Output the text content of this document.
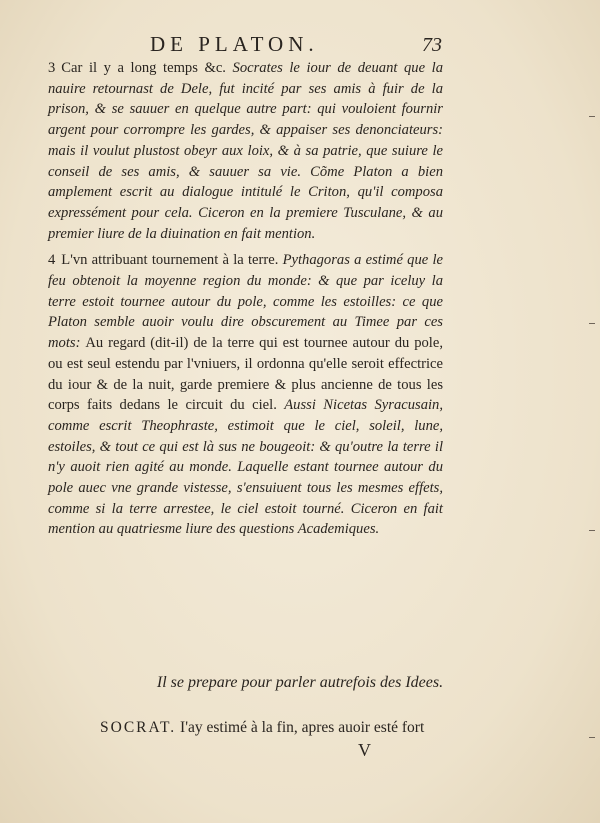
DE PLATON.	73

3 Car il y a long temps &c. Socrates le iour de deuant que la nauire retournast de Dele, fut incité par ses amis à fuir de la prison, & se sauuer en quelque autre part: qui vouloient fournir argent pour corrompre les gardes, & appaiser ses denonciateurs: mais il voulut plustost obeyr aux loix, & à sa patrie, que suiure le conseil de ses amis, & sauuer sa vie. Cõme Platon a bien amplement escrit au dialogue intitulé le Criton, qu'il composa expressément pour cela. Ciceron en la premiere Tusculane, & au premier liure de la diuination en fait mention.

4 L'vn attribuant tournement à la terre. Pythagoras a estimé que le feu obtenoit la moyenne region du monde: & que par iceluy la terre estoit tournee autour du pole, comme les estoilles: ce que Platon semble auoir voulu dire obscurement au Timee par ces mots: Au regard (dit-il) de la terre qui est tournee autour du pole, ou est seul estendu par l'vniuers, il ordonna qu'elle seroit effectrice du iour & de la nuit, garde premiere & plus ancienne de tous les corps faits dedans le circuit du ciel. Aussi Nicetas Syracusain, comme escrit Theophraste, estimoit que le ciel, soleil, lune, estoiles, & tout ce qui est là sus ne bougeoit: & qu'outre la terre il n'y auoit rien agité au monde. Laquelle estant tournee autour du pole auec vne grande vistesse, s'ensuiuent tous les mesmes effets, comme si la terre arrestee, le ciel estoit tourné. Ciceron en fait mention au quatriesme liure des questions Academiques.

Il se prepare pour parler autrefois des Idees.
SOCRAT. I'ay estimé à la fin, apres auoir esté fort
V
